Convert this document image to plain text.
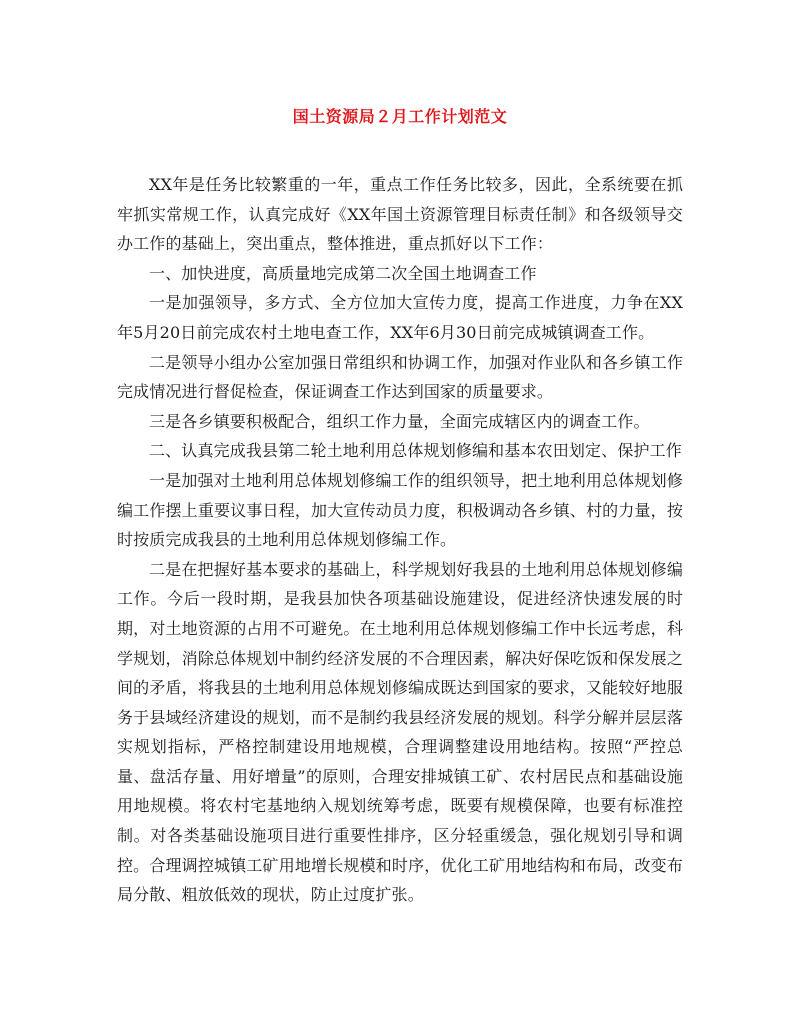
国土资源局２月工作计划范文

XX年是任务比较繁重的一年，重点工作任务比较多，因此，全系统要在抓牢抓实常规工作，认真完成好《XX年国土资源管理目标责任制》和各级领导交办工作的基础上，突出重点，整体推进，重点抓好以下工作：

一、加快进度，高质量地完成第二次全国土地调查工作

一是加强领导，多方式、全方位加大宣传力度，提高工作进度，力争在XX年5月20日前完成农村土地电查工作，XX年6月30日前完成城镇调查工作。

二是领导小组办公室加强日常组织和协调工作，加强对作业队和各乡镇工作完成情况进行督促检查，保证调查工作达到国家的质量要求。

三是各乡镇要积极配合，组织工作力量，全面完成辖区内的调查工作。

二、认真完成我县第二轮土地利用总体规划修编和基本农田划定、保护工作

一是加强对土地利用总体规划修编工作的组织领导，把土地利用总体规划修编工作摆上重要议事日程，加大宣传动员力度，积极调动各乡镇、村的力量，按时按质完成我县的土地利用总体规划修编工作。

二是在把握好基本要求的基础上，科学规划好我县的土地利用总体规划修编工作。今后一段时期，是我县加快各项基础设施建设，促进经济快速发展的时期，对土地资源的占用不可避免。在土地利用总体规划修编工作中长远考虑，科学规划，消除总体规划中制约经济发展的不合理因素，解决好保吃饭和保发展之间的矛盾，将我县的土地利用总体规划修编成既达到国家的要求，又能较好地服务于县域经济建设的规划，而不是制约我县经济发展的规划。科学分解并层层落实规划指标，严格控制建设用地规模，合理调整建设用地结构。按照“严控总量、盘活存量、用好增量”的原则，合理安排城镇工矿、农村居民点和基础设施用地规模。将农村宅基地纳入规划统筹考虑，既要有规模保障，也要有标准控制。对各类基础设施项目进行重要性排序，区分轻重缓急，强化规划引导和调控。合理调控城镇工矿用地增长规模和时序，优化工矿用地结构和布局，改变布局分散、粗放低效的现状，防止过度扩张。
